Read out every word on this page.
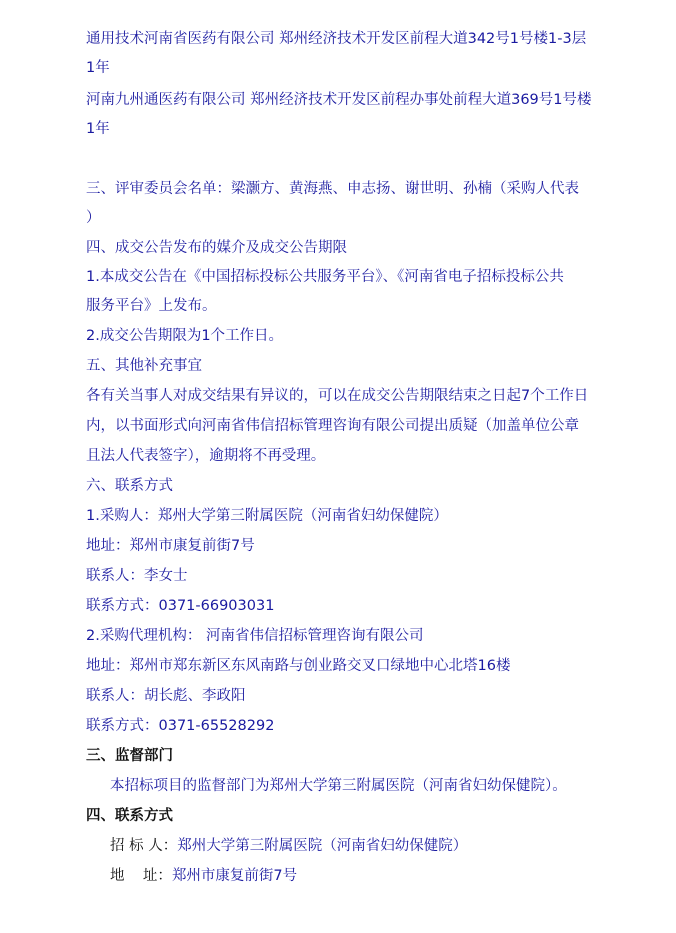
通用技术河南省医药有限公司 郑州经济技术开发区前程大道342号1号楼1-3层
1年
河南九州通医药有限公司 郑州经济技术开发区前程办事处前程大道369号1号楼
1年
三、评审委员会名单：梁灏方、黄海燕、申志扬、谢世明、孙楠（采购人代表
）
四、成交公告发布的媒介及成交公告期限
1.本成交公告在《中国招标投标公共服务平台》、《河南省电子招标投标公共
服务平台》上发布。
2.成交公告期限为1个工作日。
五、其他补充事宜
各有关当事人对成交结果有异议的，可以在成交公告期限结束之日起7个工作日
内，以书面形式向河南省伟信招标管理咨询有限公司提出质疑（加盖单位公章
且法人代表签字），逾期将不再受理。
六、联系方式
1.采购人：郑州大学第三附属医院（河南省妇幼保健院）
地址：郑州市康复前街7号
联系人：李女士
联系方式：0371-66903031
2.采购代理机构： 河南省伟信招标管理咨询有限公司
地址：郑州市郑东新区东风南路与创业路交叉口绿地中心北塔16楼
联系人：胡长彪、李政阳
联系方式：0371-65528292
三、监督部门
本招标项目的监督部门为郑州大学第三附属医院（河南省妇幼保健院）。
四、联系方式
招 标 人：郑州大学第三附属医院（河南省妇幼保健院）
地    址：郑州市康复前街7号
